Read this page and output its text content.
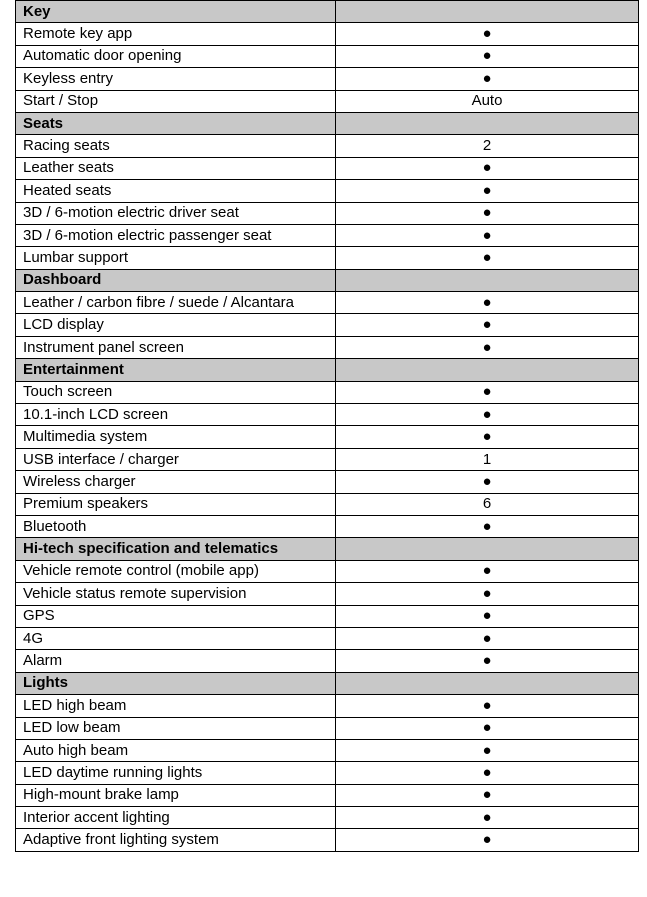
Key	
Remote key app	●
Automatic door opening	●
Keyless entry	●
Start / Stop	Auto
Seats	
Racing seats	2
Leather seats	●
Heated seats	●
3D / 6-motion electric driver seat	●
3D / 6-motion electric passenger seat	●
Lumbar support	●
Dashboard	
Leather / carbon fibre / suede / Alcantara	●
LCD display	●
Instrument panel screen	●
Entertainment	
Touch screen	●
10.1-inch LCD screen	●
Multimedia system	●
USB interface / charger	1
Wireless charger	●
Premium speakers	6
Bluetooth	●
Hi-tech specification and telematics	
Vehicle remote control (mobile app)	●
Vehicle status remote supervision	●
GPS	●
4G	●
Alarm	●
Lights	
LED high beam	●
LED low beam	●
Auto high beam	●
LED daytime running lights	●
High-mount brake lamp	●
Interior accent lighting	●
Adaptive front lighting system	●
